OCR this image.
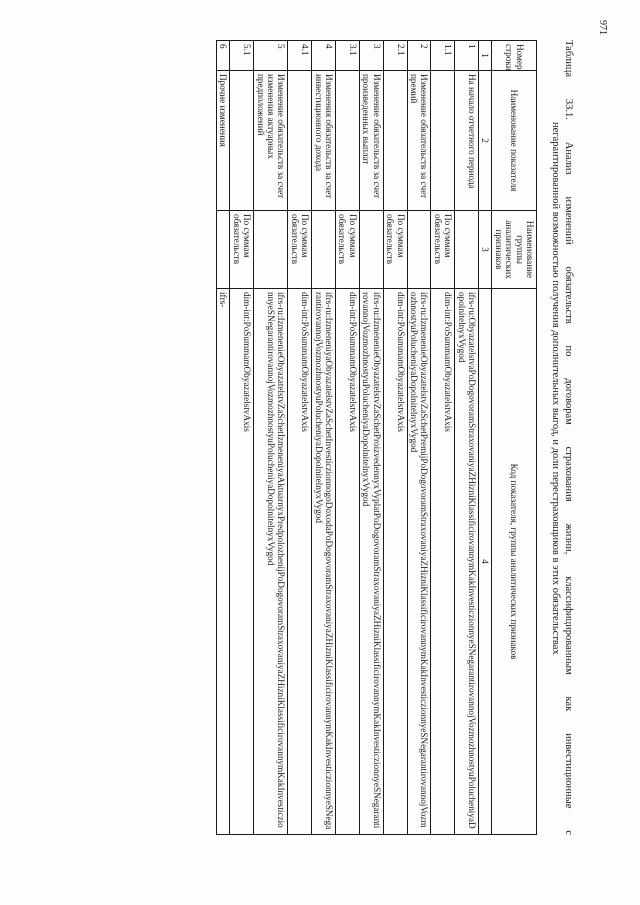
971
Таблица 33.1. Анализ изменений обязательств по договорам страхования жизни, классифицированным как инвестиционные с
негарантированной возможностью получения дополнительных выгод, и доли перестраховщиков в этих обязательствах
Номер строки	Наименование показателя	Наименование группы аналитических признаков	Код показателя, группы аналитических признаков
1	2	3	4
1	На начало отчетного периода		ifrs-ru:ObyazatelstvaPoDogovoramStraxovaniyaZHizniKlassificirovannymKakInvesticzionnyeSNegarantirovannojVozmozhnostyuPolucheniyaDopolnitelnyxVygod
1.1		По суммам обязательств	dim-int:PoSummamObyazatelstvAxis
2	Изменение обязательств за счет премий		ifrs-ru:IzmenenieObyazatelstvZaSchetPremijPoDogovoramStraxovaniyaZHizniKlassificirovannymKakInvesticzionnyeSNegarantirovannojVozmozhnostyuPolucheniyaDopolnitelnyxVygod
2.1		По суммам обязательств	dim-int:PoSummamObyazatelstvAxis
3	Изменение обязательств за счет произведенных выплат		ifrs-ru:IzmenenieObyazatelstvZaSchetProizvedennyxVyplatPoDogovoramStraxovaniyaZHizniKlassificirovannymKakInvesticzionnyeSNegarantirovannojVozmozhnostyuPolucheniyaDopolnitelnyxVygod
3.1		По суммам обязательств	dim-int:PoSummamObyazatelstvAxis
4	Изменения обязательств за счет инвестиционного дохода		ifrs-ru:IzmeneniyaObyazatelstvZaSchetInvesticzionnogoDoxodaPoDogovoramStraxovaniyaZHizniKlassificirovannymKakInvesticzionnyeSNegarantirovannojVozmozhnostyuPolucheniyaDopolnitelnyxVygod
4.1		По суммам обязательств	dim-int:PoSummamObyazatelstvAxis
5	Изменение обязательств за счет изменения актуарных предположений		ifrs-ru:IzmenenieObyazatelstvZaSchetIzmeneniyaAktuarnyxPredpolozhenijPoDogovoramStraxovaniyaZHizniKlassificirovannymKakInvesticzionnyeSNegarantirovannojVozmozhnostyuPolucheniyaDopolnitelnyxVygod
5.1		По суммам обязательств	dim-int:PoSummamObyazatelstvAxis
6	Прочие изменения		ifrs-
